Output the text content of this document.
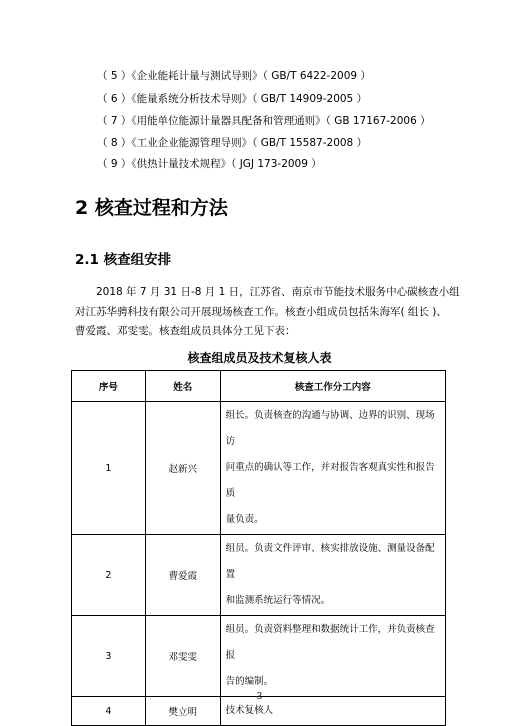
（ 5 ）《企业能耗计量与测试导则》（ GB/T 6422-2009 ）
（ 6 ）《能量系统分析技术导则》（ GB/T 14909-2005 ）
（ 7 ）《用能单位能源计量器具配备和管理通则》（ GB 17167-2006 ）
（ 8 ）《工业企业能源管理导则》（ GB/T 15587-2008 ）
（ 9 ）《供热计量技术规程》（ JGJ 173-2009 ）
2 核查过程和方法
2.1 核查组安排
2018 年 7 月 31 日-8 月 1 日，江苏省、南京市节能技术服务中心碳核查小组
对江苏华骋科技有限公司开展现场核查工作。核查小组成员包括朱海军( 组长 )、
曹爱霞、邓雯雯。核查组成员具体分工见下表：
核查组成员及技术复核人表
序号	姓名	核查工作分工内容
1	赵新兴	组长。负责核查的沟通与协调、边界的识别、现场访
问重点的确认等工作，并对报告客观真实性和报告质
量负责。

2	曹爱霞	组员。负责文件评审、核实排放设施、测量设备配置
和监测系统运行等情况。

3	邓雯雯	组员。负责资料整理和数据统计工作，并负责核查报
告的编制。

4	樊立明	技术复核人
3
